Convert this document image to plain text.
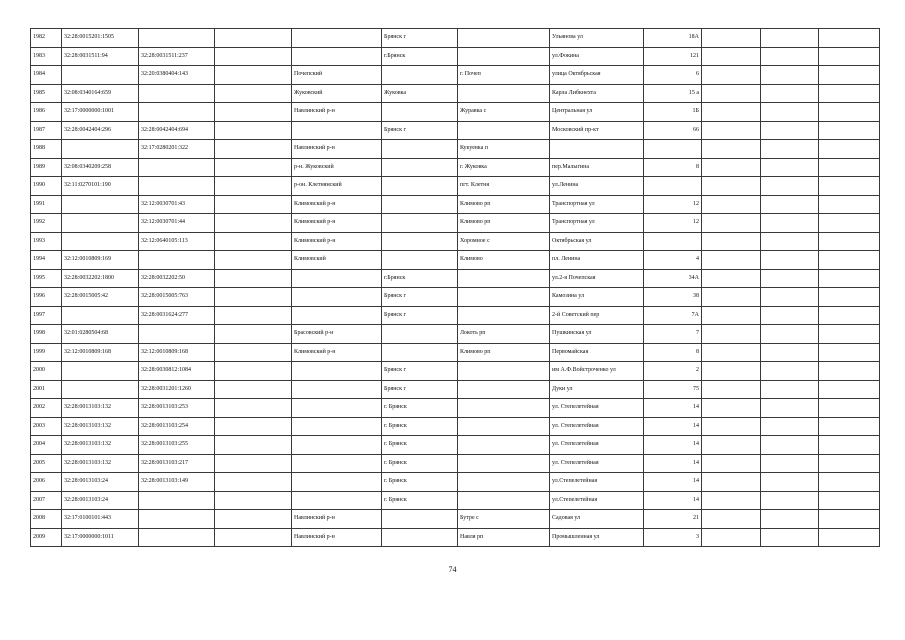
1982	32:28:0015201:1505				Брянск г		Ульянова ул	18А			
1983	32:28:0031511:94	32:28:0031511:237			г.Брянск		ул.Фокина	121			
1984		32:20:0380404:143		Почепский		г. Почеп	улица Октябрьская	6			
1985	32:08:0340164:659			Жуковский	Жуковка		Карла Либкнехта	15 а			
1986	32:17:0000000:1001			Навлинский р-н		Журавка с	Центральная ул	1Б			
1987	32:28:0042404:296	32:28:0042404:694			Брянск г		Московский пр-кт	66			
1988		32:17:0280201:322		Навлинский р-н		Кукуевка п					
1989	32:08:0340209:258			р-н. Жуковский		г. Жуковка	пер.Малыгина	8			
1990	32:11:0270101:190			р-он. Клетнянский		пгт. Клетня	ул.Ленина				
1991		32:12:0030701:43		Климовский р-н		Климово рп	Транспортная ул	12			
1992		32:12:0030701:44		Климовский р-н		Климово рп	Транспортная ул	12			
1993		32:12:0640105:113		Климовский р-н		Хоромное с	Октябрьская ул				
1994	32:12:0010809:169			Климовский		Климово	пл. Ленина	4			
1995	32:28:0032202:1800	32:28:0032202:50			г.Брянск		ул.2-я Почепская	34А			
1996	32:28:0015005:42	32:28:0015005:763			Брянск г		Камозина ул	38			
1997		32:28:0031624:277			Брянск г		2-й Советский пер	7А			
1998	32:01:0280504:68			Брасовский р-н		Локоть рп	Пушкинская ул	7			
1999	32:12:0010809:168	32:12:0010809:168		Климовский р-н		Климово рп	Первомайская	8			
2000		32:28:0030812:1084			Брянск г		им А.Ф.Войстроченко ул	2			
2001		32:28:0031201:1260			Брянск г		Дуки ул	75			
2002	32:28:0013103:132	32:28:0013103:253			г. Брянск		ул. Степелетейная	14			
2003	32:28:0013103:132	32:28:0013103:254			г. Брянск		ул. Степелетейная	14			
2004	32:28:0013103:132	32:28:0013103:255			г. Брянск		ул. Степелетейная	14			
2005	32:28:0013103:132	32:28:0013103:217			г. Брянск		ул. Степелетейная	14			
2006	32:28:0013103:24	32:28:0013103:149			г. Брянск		ул.Степелетейная	14			
2007	32:28:0013103:24				г. Брянск		ул.Степелетейная	14			
2008	32:17:0100101:443			Навлинский р-н		Бутре с	Садовая ул	21			
2009	32:17:0000000:1011			Навлинский р-н		Навля рп	Промышленная ул	3			
74
